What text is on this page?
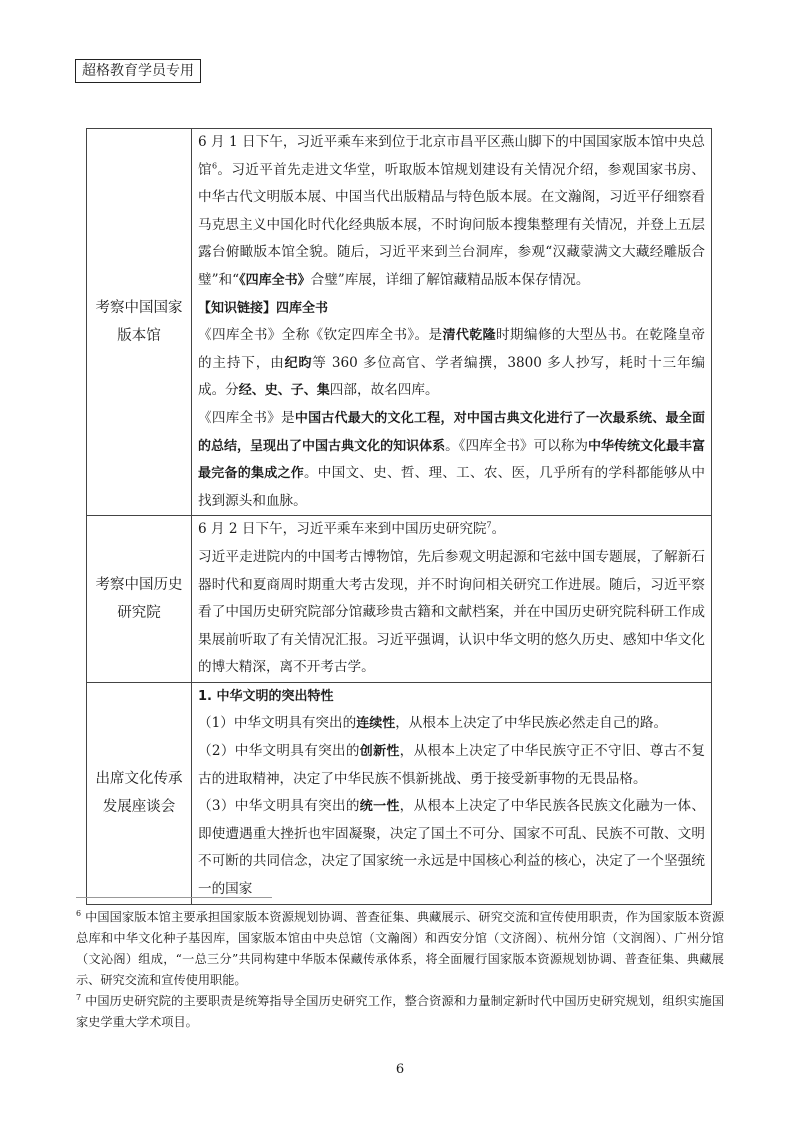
超格教育学员专用
考察中国国家版本馆	6 月 1 日下午，习近平乘车来到位于北京市昌平区燕山脚下的中国国家版本馆中央总馆$^6$。习近平首先走进文华堂，听取版本馆规划建设有关情况介绍，参观国家书房、中华古代文明版本展、中国当代出版精品与特色版本展。在文瀚阁，习近平仔细察看马克思主义中国化时代化经典版本展，不时询问版本搜集整理有关情况，并登上五层露台俯瞰版本馆全貌。随后，习近平来到兰台洞库，参观“汉藏蒙满文大藏经雕版合璧”和“《四库全书》合璧”库展，详细了解馆藏精品版本保存情况。

【知识链接】四库全书

《四库全书》全称《钦定四库全书》。是清代乾隆时期编修的大型丛书。在乾隆皇帝的主持下，由纪昀等 360 多位高官、学者编撰，3800 多人抄写，耗时十三年编成。分经、史、子、集四部，故名四库。

《四库全书》是中国古代最大的文化工程，对中国古典文化进行了一次最系统、最全面的总结，呈现出了中国古典文化的知识体系。《四库全书》可以称为中华传统文化最丰富最完备的集成之作。中国文、史、哲、理、工、农、医，几乎所有的学科都能够从中找到源头和血脉。

考察中国历史研究院	6 月 2 日下午，习近平乘车来到中国历史研究院$^7$。

习近平走进院内的中国考古博物馆，先后参观文明起源和宅兹中国专题展，了解新石器时代和夏商周时期重大考古发现，并不时询问相关研究工作进展。随后，习近平察看了中国历史研究院部分馆藏珍贵古籍和文献档案，并在中国历史研究院科研工作成果展前听取了有关情况汇报。习近平强调，认识中华文明的悠久历史、感知中华文化的博大精深，离不开考古学。

出席文化传承发展座谈会	1. 中华文明的突出特性

（1）中华文明具有突出的连续性，从根本上决定了中华民族必然走自己的路。

（2）中华文明具有突出的创新性，从根本上决定了中华民族守正不守旧、尊古不复古的进取精神，决定了中华民族不惧新挑战、勇于接受新事物的无畏品格。

（3）中华文明具有突出的统一性，从根本上决定了中华民族各民族文化融为一体、即使遭遇重大挫折也牢固凝聚，决定了国土不可分、国家不可乱、民族不可散、文明不可断的共同信念，决定了国家统一永远是中国核心利益的核心，决定了一个坚强统一的国家

$^6$ 中国国家版本馆主要承担国家版本资源规划协调、普查征集、典藏展示、研究交流和宣传使用职责，作为国家版本资源总库和中华文化种子基因库，国家版本馆由中央总馆（文瀚阁）和西安分馆（文济阁）、杭州分馆（文润阁）、广州分馆（文沁阁）组成，“一总三分”共同构建中华版本保藏传承体系，将全面履行国家版本资源规划协调、普查征集、典藏展示、研究交流和宣传使用职能。

$^7$ 中国历史研究院的主要职责是统筹指导全国历史研究工作，整合资源和力量制定新时代中国历史研究规划，组织实施国家史学重大学术项目。

6
